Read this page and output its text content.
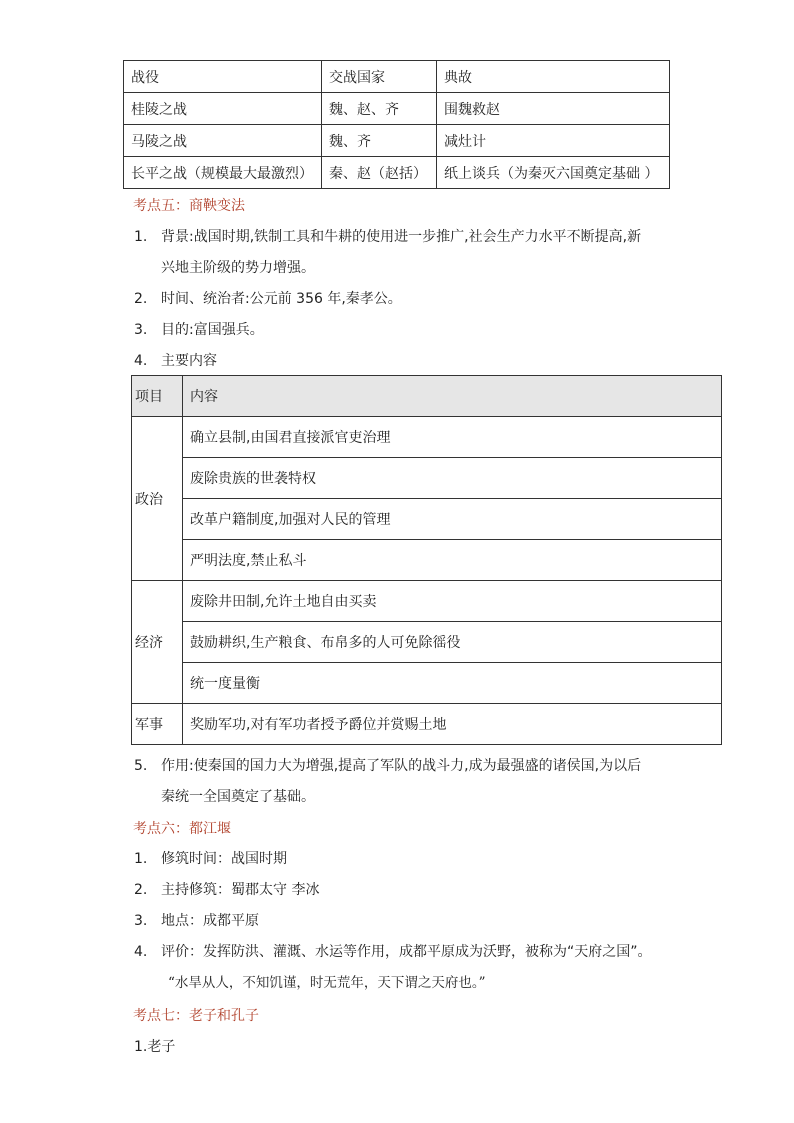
战役	交战国家	典故
桂陵之战	魏、赵、齐	围魏救赵
马陵之战	魏、齐	减灶计
长平之战（规模最大最激烈）	秦、赵（赵括）	纸上谈兵（为秦灭六国奠定基础 ）
考点五：商鞅变法
1. 背景:战国时期,铁制工具和牛耕的使用进一步推广,社会生产力水平不断提高,新
兴地主阶级的势力增强。
2. 时间、统治者:公元前 356 年,秦孝公。
3. 目的:富国强兵。
4. 主要内容
项目	内容
政治	确立县制,由国君直接派官吏治理
	废除贵族的世袭特权
	改革户籍制度,加强对人民的管理
	严明法度,禁止私斗
经济	废除井田制,允许土地自由买卖
	鼓励耕织,生产粮食、布帛多的人可免除徭役
	统一度量衡
军事	奖励军功,对有军功者授予爵位并赏赐土地
5. 作用:使秦国的国力大为增强,提高了军队的战斗力,成为最强盛的诸侯国,为以后
秦统一全国奠定了基础。
考点六：都江堰
1. 修筑时间：战国时期
2. 主持修筑：蜀郡太守 李冰
3. 地点：成都平原
4. 评价：发挥防洪、灌溉、水运等作用，成都平原成为沃野，被称为“天府之国”。
“水旱从人，不知饥谨，时无荒年，天下谓之天府也。”
考点七：老子和孔子
1.老子
